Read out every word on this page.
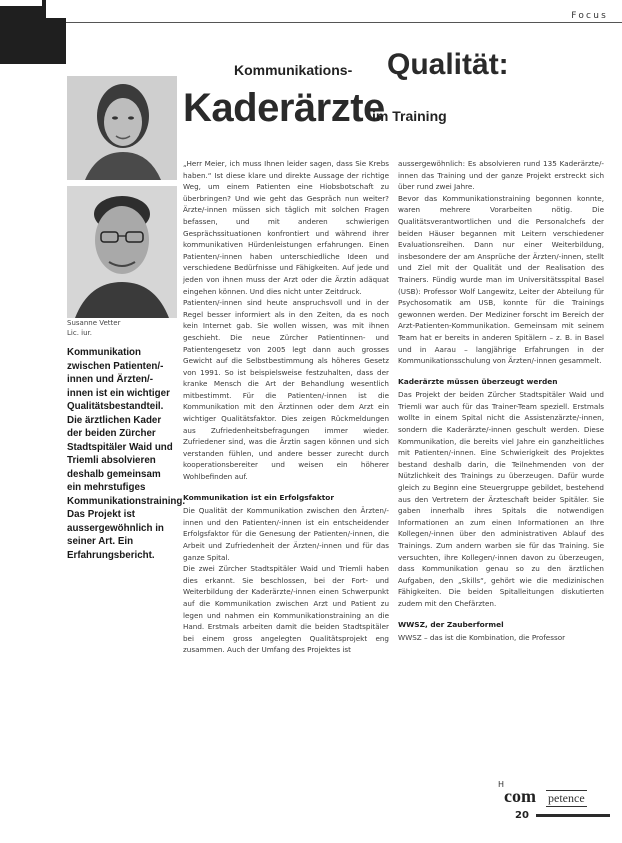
Focus
Susanne Vetter
Lic. iur.
Kommunikations- Qualität:
Kaderärzte
im Training
Kommunikation zwischen Patienten/-innen und Ärzten/-innen ist ein wichtiger Qualitätsbestandteil. Die ärztlichen Kader der beiden Zürcher Stadtspitäler Waid und Triemli absolvieren deshalb gemeinsam ein mehrstufiges Kommunikationstraining. Das Projekt ist aussergewöhnlich in seiner Art. Ein Erfahrungsbericht.

„Herr Meier, ich muss Ihnen leider sagen, dass Sie Krebs haben.“ Ist diese klare und direkte Aussage der richtige Weg, um einem Patienten eine Hiobsbotschaft zu überbringen? Und wie geht das Gespräch nun weiter? Ärzte/-innen müssen sich täglich mit solchen Fragen befassen, und mit anderen schwierigen Gesprächssituationen konfrontiert und während ihrer kommunikativen Hürdenleistungen erfahrungen. Einen Patienten/-innen haben unterschiedliche Ideen und verschiedene Bedürfnisse und Fähigkeiten. Auf jede und jeden von ihnen muss der Arzt oder die Ärztin adäquat eingehen können. Und dies nicht unter Zeitdruck.

Patienten/-innen sind heute anspruchsvoll und in der Regel besser informiert als in den Zeiten, da es noch kein Internet gab. Sie wollen wissen, was mit ihnen geschieht. Die neue Zürcher Patientinnen- und Patientengesetz von 2005 legt dann auch grosses Gewicht auf die Selbstbestimmung als höheres Gesetz von 1991. So ist beispielsweise festzuhalten, dass der kranke Mensch die Art der Behandlung wesentlich mitbestimmt. Für die Patienten/-innen ist die Kommunikation mit den Ärztinnen oder dem Arzt ein wichtiger Qualitätsfaktor. Dies zeigen Rückmeldungen aus Zufriedenheitsbefragungen immer wieder. Zufriedener sind, was die Ärztin sagen können und sich verstanden fühlen, und andere besser zurecht durch kooperationsbereiter und weisen ein höherer Wohlbefinden auf.

Kommunikation ist ein Erfolgsfaktor

Die Qualität der Kommunikation zwischen den Ärzten/-innen und den Patienten/-innen ist ein entscheidender Erfolgsfaktor für die Genesung der Patienten/-innen, die Arbeit und Zufriedenheit der Ärzten/-innen und für das ganze Spital.

Die zwei Zürcher Stadtspitäler Waid und Triemli haben dies erkannt. Sie beschlossen, bei der Fort- und Weiterbildung der Kaderärzte/-innen einen Schwerpunkt auf die Kommunikation zwischen Arzt und Patient zu legen und nahmen ein Kommunikationstraining an die Hand. Erstmals arbeiten damit die beiden Stadtspitäler bei einem gross angelegten Qualitätsprojekt eng zusammen. Auch der Umfang des Projektes ist

aussergewöhnlich: Es absolvieren rund 135 Kaderärzte/-innen das Training und der ganze Projekt erstreckt sich über rund zwei Jahre.

Bevor das Kommunikationstraining begonnen konnte, waren mehrere Vorarbeiten nötig. Die Qualitätsverantwortlichen und die Personalchefs der beiden Häuser begannen mit Leitern verschiedener Evaluationsreihen. Dann nur einer Weiterbildung, insbesondere der am Ansprüche der Ärzten/-innen, stellt und Ziel mit der Qualität und der Realisation des Trainers. Fündig wurde man im Universitätsspital Basel (USB): Professor Wolf Langewitz, Leiter der Abteilung für Psychosomatik am USB, konnte für die Trainings gewonnen werden. Der Mediziner forscht im Bereich der Arzt-Patienten-Kommunikation. Gemeinsam mit seinem Team hat er bereits in anderen Spitälern – z. B. in Basel und in Aarau – langjährige Erfahrungen in der Kommunikationsschulung von Ärzten/-innen gesammelt.

Kaderärzte müssen überzeugt werden

Das Projekt der beiden Zürcher Stadtspitäler Waid und Triemli war auch für das Trainer-Team speziell. Erstmals wollte in einem Spital nicht die Assistenzärzte/-innen, sondern die Kaderärzte/-innen geschult werden. Diese Kommunikation, die bereits viel Jahre ein ganzheitliches mit Patienten/-innen. Eine Schwierigkeit des Projektes bestand deshalb darin, die Teilnehmenden von der Nützlichkeit des Trainings zu überzeugen. Dafür wurde gleich zu Beginn eine Steuergruppe gebildet, bestehend aus den Vertretern der Ärzteschaft beider Spitäler. Sie gaben innerhalb ihres Spitals die notwendigen Informationen an zum einen Informationen an Ihre Kollegen/-innen über den administrativen Ablauf des Trainings. Zum andern warben sie für das Training. Sie versuchten, ihre Kollegen/-innen davon zu überzeugen, dass Kommunikation genau so zu den ärztlichen Aufgaben, den „Skills“, gehört wie die medizinischen Fähigkeiten. Die beiden Spitalleitungen diskutierten zudem mit den Chefärzten.

WWSZ, der Zauberformel

WWSZ – das ist die Kombination, die Professor

H
com petence
20
